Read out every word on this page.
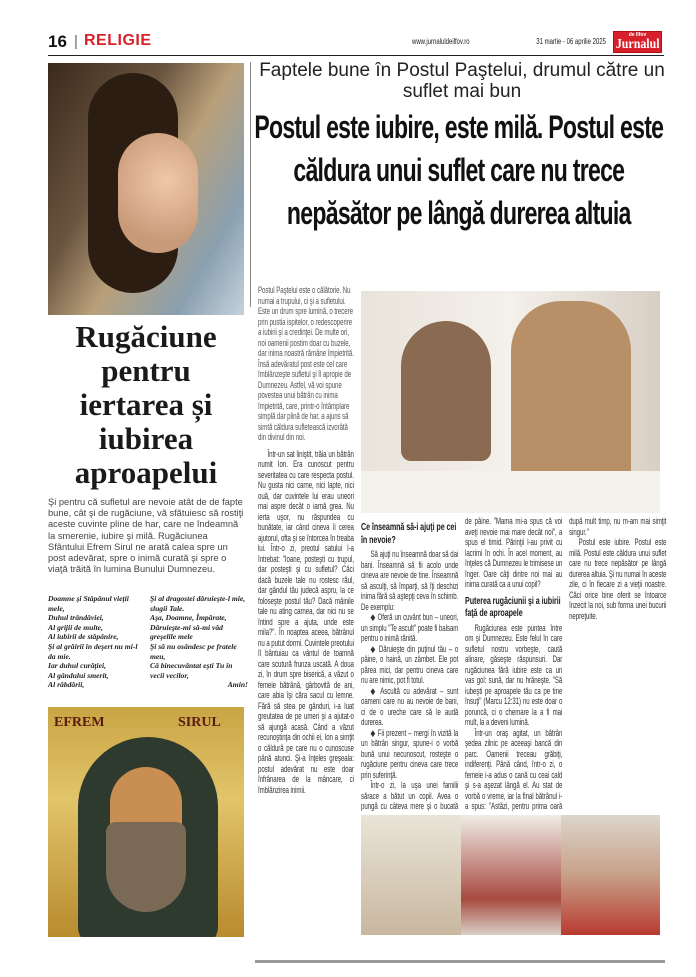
16 | RELIGIE	www.jurnaluldeilfov.ro	31 martie - 06 aprilie 2025
de Ilfov
Jurnalul
Rugăciune pentru iertarea și iubirea aproapelui
Şi pentru că sufletul are nevoie atât de de fapte bune, cât şi de rugăciune, vă sfătuiesc să rostiţi aceste cuvinte pline de har, care ne îndeamnă la smerenie, iubire şi milă. Rugăciunea Sfântului Efrem Sirul ne arată calea spre un post adevărat, spre o inimă curată şi spre o viaţă trăită în lumina Bunului Dumnezeu.
Doamne şi Stăpânul vieţii mele,
Duhul trândăviei,
Al grijii de multe,
Al iubirii de stăpânire,
Şi al grăirii în deşert nu mi-l da mie.
Iar duhul curăţiei,
Al gândului smerit,
Al răbdării,
Şi al dragostei dăruieşte-l mie, slugii Tale.
Aşa, Doamne, Împărate,
Dăruieşte-mi să-mi văd greşelile mele
Şi să nu osândesc pe fratele meu,
Că binecuvântat eşti Tu în vecii vecilor,
Amin!
EFREM	SIRUL
Faptele bune în Postul Paştelui, drumul către un suflet mai bun
Postul este iubire, este milă. Postul este căldura unui suflet care nu trece nepăsător pe lângă durerea altuia

Postul Paştelui este o călătorie. Nu numai a trupului, ci şi a sufletului. Este un drum spre lumină, o trecere prin pustia ispitelor, o redescoperire a iubirii şi a credinţei. De multe ori, noi oamenii postim doar cu buzele, dar inima noastră rămâne împietrită. Însă adevăratul post este cel care îmblânzeşte sufletul şi îl apropie de Dumnezeu. Astfel, vă voi spune povestea unui bătrân cu inima împietrită, care, printr-o întâmplare simplă dar plină de har, a ajuns să simtă căldura sufletească izvorâtă din divinul din noi.

Într-un sat liniştit, trăia un bătrân numit Ion. Era cunoscut pentru severitatea cu care respecta postul. Nu gusta nici carne, nici lapte, nici ouă, dar cuvintele lui erau uneori mai aspre decât o iarnă grea. Nu ierta uşor, nu răspundea cu bunătate, iar când cineva îi cerea ajutorul, ofta şi se întorcea în treaba lui. Într-o zi, preotul satului l-a întrebat: "Ioane, posteşti cu trupul, dar posteşti şi cu sufletul? Căci dacă buzele tale nu rostesc răul, dar gândul tău judecă aspru, la ce foloseşte postul tău? Dacă mâinile tale nu ating carnea, dar nici nu se întind spre a ajuta, unde este mila?". În noaptea aceea, bătrânul nu a putut dormi. Cuvintele preotului îl bântuiau ca vântul de toamnă care scutură frunza uscată. A doua zi, în drum spre biserică, a văzut o femeie bătrână, gârbovită de ani, care abia îşi căra sacul cu lemne. Fără să stea pe gânduri, i-a luat greutatea de pe umeri şi a ajutat-o să ajungă acasă. Când a văzut recunoştinţa din ochii ei, Ion a simţit o căldură pe care nu o cunoscuse până atunci. Şi-a înţeles greşeala: postul adevărat nu este doar înfrânarea de la mâncare, ci îmblânzirea inimii.

Ce înseamnă să-i ajuţi pe cei în nevoie?

Să ajuţi nu înseamnă doar să dai bani. Înseamnă să fii acolo unde cineva are nevoie de tine. Înseamnă să asculţi, să împarţi, să îţi deschizi inima fără să aştepţi ceva în schimb. De exemplu:

◆ Oferă un cuvânt bun – uneori, un simplu "Te ascult" poate fi balsam pentru o inimă rănită.

◆ Dăruieşte din puţinul tău – o pâine, o haină, un zâmbet. Ele pot părea mici, dar pentru cineva care nu are nimic, pot fi totul.

◆ Ascultă cu adevărat – sunt oameni care nu au nevoie de bani, ci de o ureche care să le audă durerea.

◆ Fii prezent – mergi în vizită la un bătrân singur, spune-i o vorbă bună unui necunoscut, rosteşte o rugăciune pentru cineva care trece prin suferinţă.

Într-o zi, la uşa unei familii sărace a bătut un copil. Avea o pungă cu câteva mere şi o bucată de pâine. "Mama mi-a spus că voi aveţi nevoie mai mare decât noi", a spus el timid. Părinţii l-au privit cu lacrimi în ochi. În acel moment, au înţeles că Dumnezeu le trimisese un înger. Oare câţi dintre noi mai au inima curată ca a unui copil?

Puterea rugăciunii şi a iubirii faţă de aproapele

Rugăciunea este puntea între om şi Dumnezeu. Este felul în care sufletul nostru vorbeşte, caută alinare, găseşte răspunsuri. Dar rugăciunea fără iubire este ca un vas gol: sună, dar nu hrăneşte. "Să iubeşti pe aproapele tău ca pe tine însuţi" (Marcu 12:31) nu este doar o poruncă, ci o chemare la a fi mai mult, la a deveni lumină.

Într-un oraş agitat, un bătrân şedea zilnic pe aceeaşi bancă din parc. Oamenii treceau grăbiţi, indiferenţi. Până când, într-o zi, o femeie i-a adus o cană cu ceai cald şi s-a aşezat lângă el. Au stat de vorbă o vreme, iar la final bătrânul i-a spus: "Astăzi, pentru prima oară după mult timp, nu m-am mai simţit singur."

Postul este iubire. Postul este milă. Postul este căldura unui suflet care nu trece nepăsător pe lângă durerea altuia. Şi nu numai în aceste zile, ci în fiecare zi a vieţii noastre. Căci orice bine oferit se întoarce înzecit la noi, sub forma unei bucurii nepreţuite.
